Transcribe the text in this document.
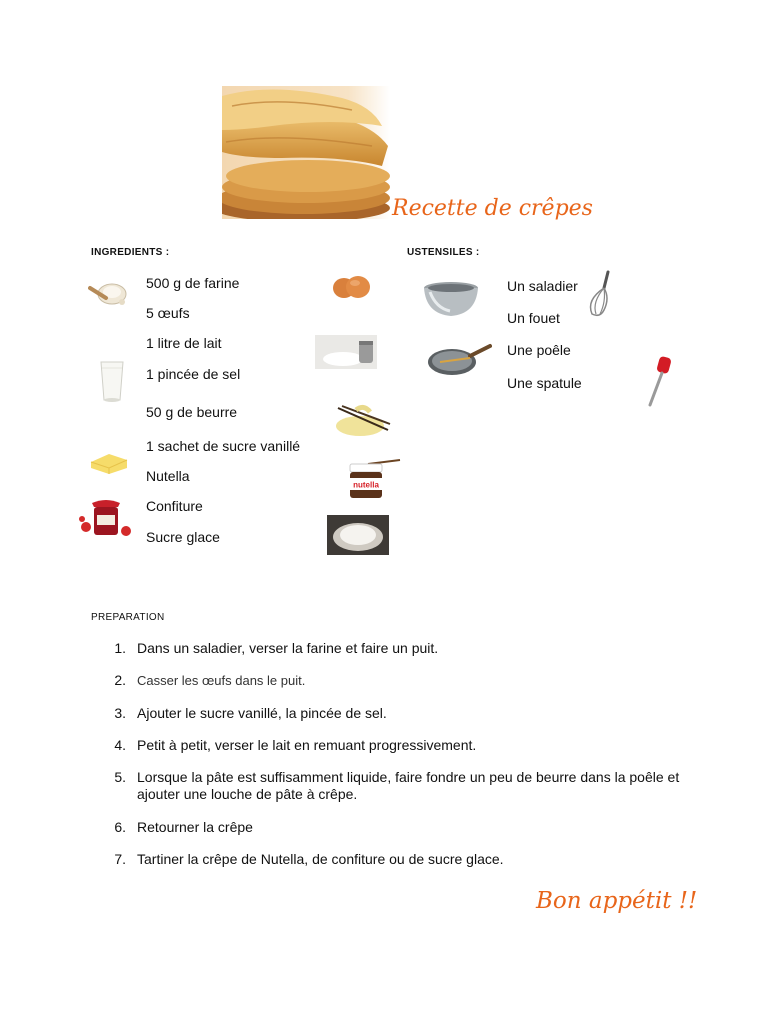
Recette de crêpes
INGREDIENTS :	USTENSILES :
500 g de farine
5 œufs
1 litre de lait
1 pincée de sel
50 g de beurre
1 sachet de sucre vanillé
Nutella
Confiture
Sucre glace
nutella
Un saladier
Un fouet
Une poêle
Une spatule
PREPARATION
1. Dans un saladier, verser la farine et faire un puit.
2. Casser les œufs dans le puit.
3. Ajouter le sucre vanillé, la pincée de sel.
4. Petit à petit, verser le lait en remuant progressivement.
5. Lorsque la pâte est suffisamment liquide, faire fondre un peu de beurre dans la poêle et ajouter une louche de pâte à crêpe.
6. Retourner la crêpe
7. Tartiner la crêpe de Nutella, de confiture ou de sucre glace.
Bon appétit !!
